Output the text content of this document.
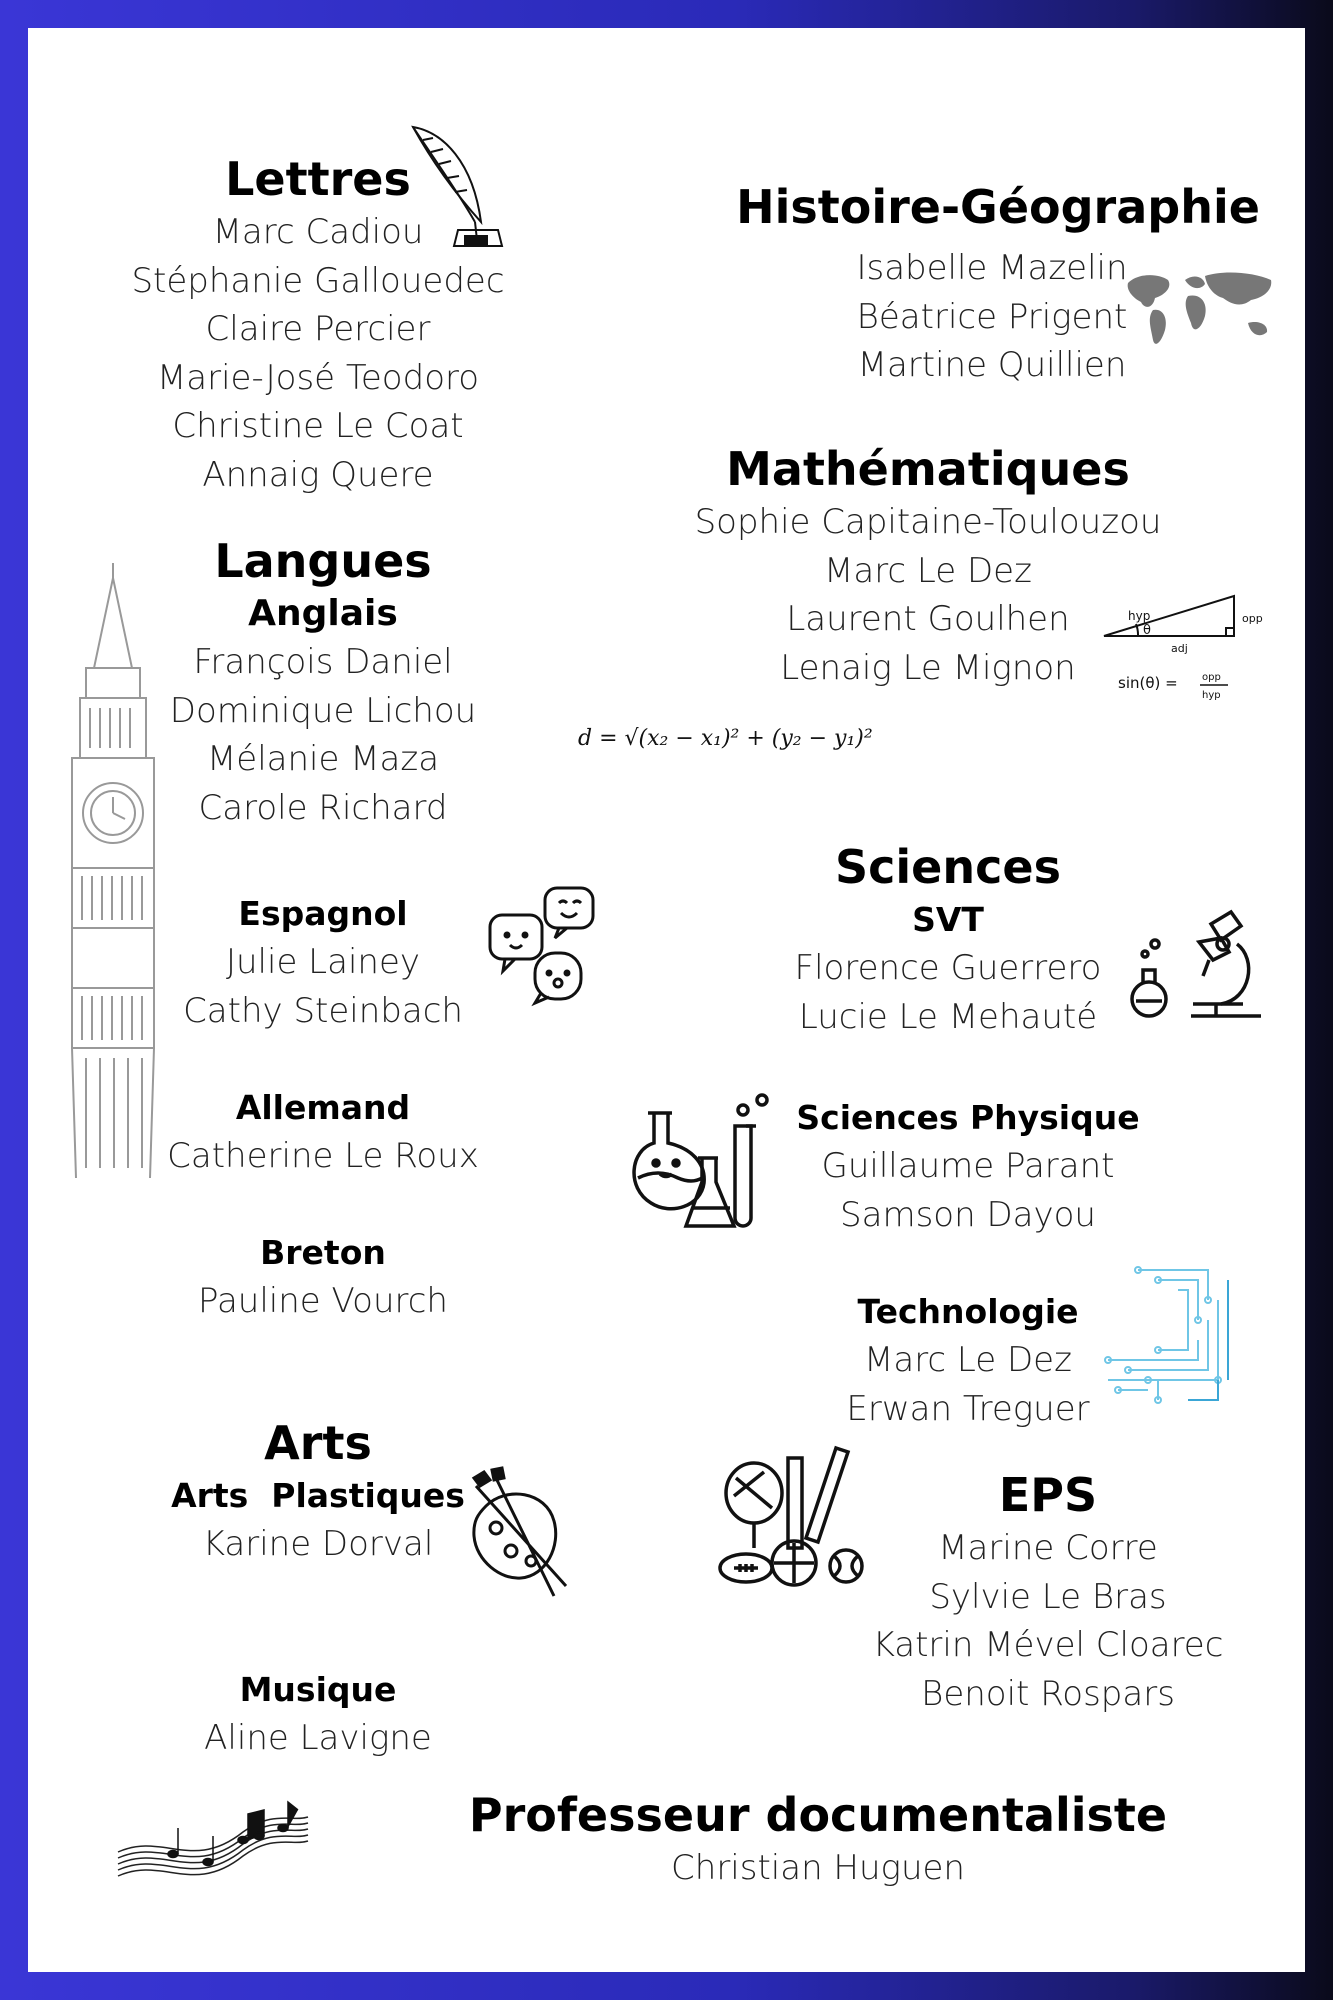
Lettres
Marc Cadiou
Stéphanie Gallouedec
Claire Percier
Marie-José Teodoro
Christine Le Coat
Annaig Quere
Histoire-Géographie
Isabelle Mazelin
Béatrice Prigent
Martine Quillien
Mathématiques
Sophie Capitaine-Toulouzou
Marc Le Dez
Laurent Goulhen
Lenaig Le Mignon
hyp	opp
adj
θ
sin(θ) = opp
hyp
d = √(x₂ − x₁)² + (y₂ − y₁)²
Langues
Anglais
François Daniel
Dominique Lichou
Mélanie Maza
Carole Richard
Espagnol
Julie Lainey
Cathy Steinbach
Allemand
Catherine Le Roux
Breton
Pauline Vourch
Sciences
SVT
Florence Guerrero
Lucie Le Mehauté
Sciences Physique
Guillaume Parant
Samson Dayou
Technologie
Marc Le Dez
Erwan Treguer
Arts
Arts  Plastiques
Karine Dorval
Musique
Aline Lavigne
EPS
Marine Corre
Sylvie Le Bras
Katrin Mével Cloarec
Benoit Rospars
Professeur documentaliste
Christian Huguen
